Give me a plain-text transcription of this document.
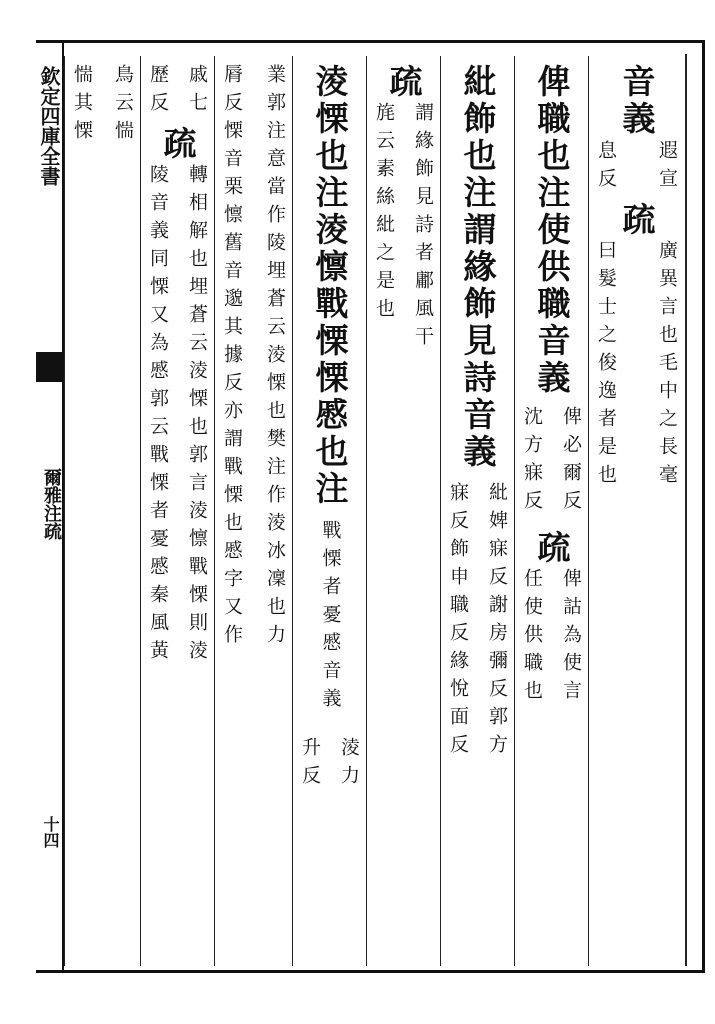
欽定四庫全書
爾雅注疏
十四
音義
遐宣
息反
疏
廣異言也毛中之長毫
曰髮士之俊逸者是也
俾職也注使供職音義
俾必爾反
沈方寐反
疏
俾詁為使言
任使供職也
紕飾也注謂緣飾見詩音義
紕婢寐反謝房彌反郭方
寐反飾申職反緣悅面反
疏
謂緣飾見詩者鄘風干
旄云素絲紕之是也
淩慄也注淩懔戰慄慄慼也注
戰慄者憂慼音義
淩力
升反
業郭注意當作陵埋蒼云淩慄也樊注作淩冰凜也力
脣反慄音栗懔舊音邈其據反亦謂戰慄也慼字又作
戚七
歷反
疏
轉相解也埋蒼云淩慄也郭言淩懔戰慄則淩
陵音義同慄又為慼郭云戰慄者憂慼秦風黃
鳥云惴
惴其慄
